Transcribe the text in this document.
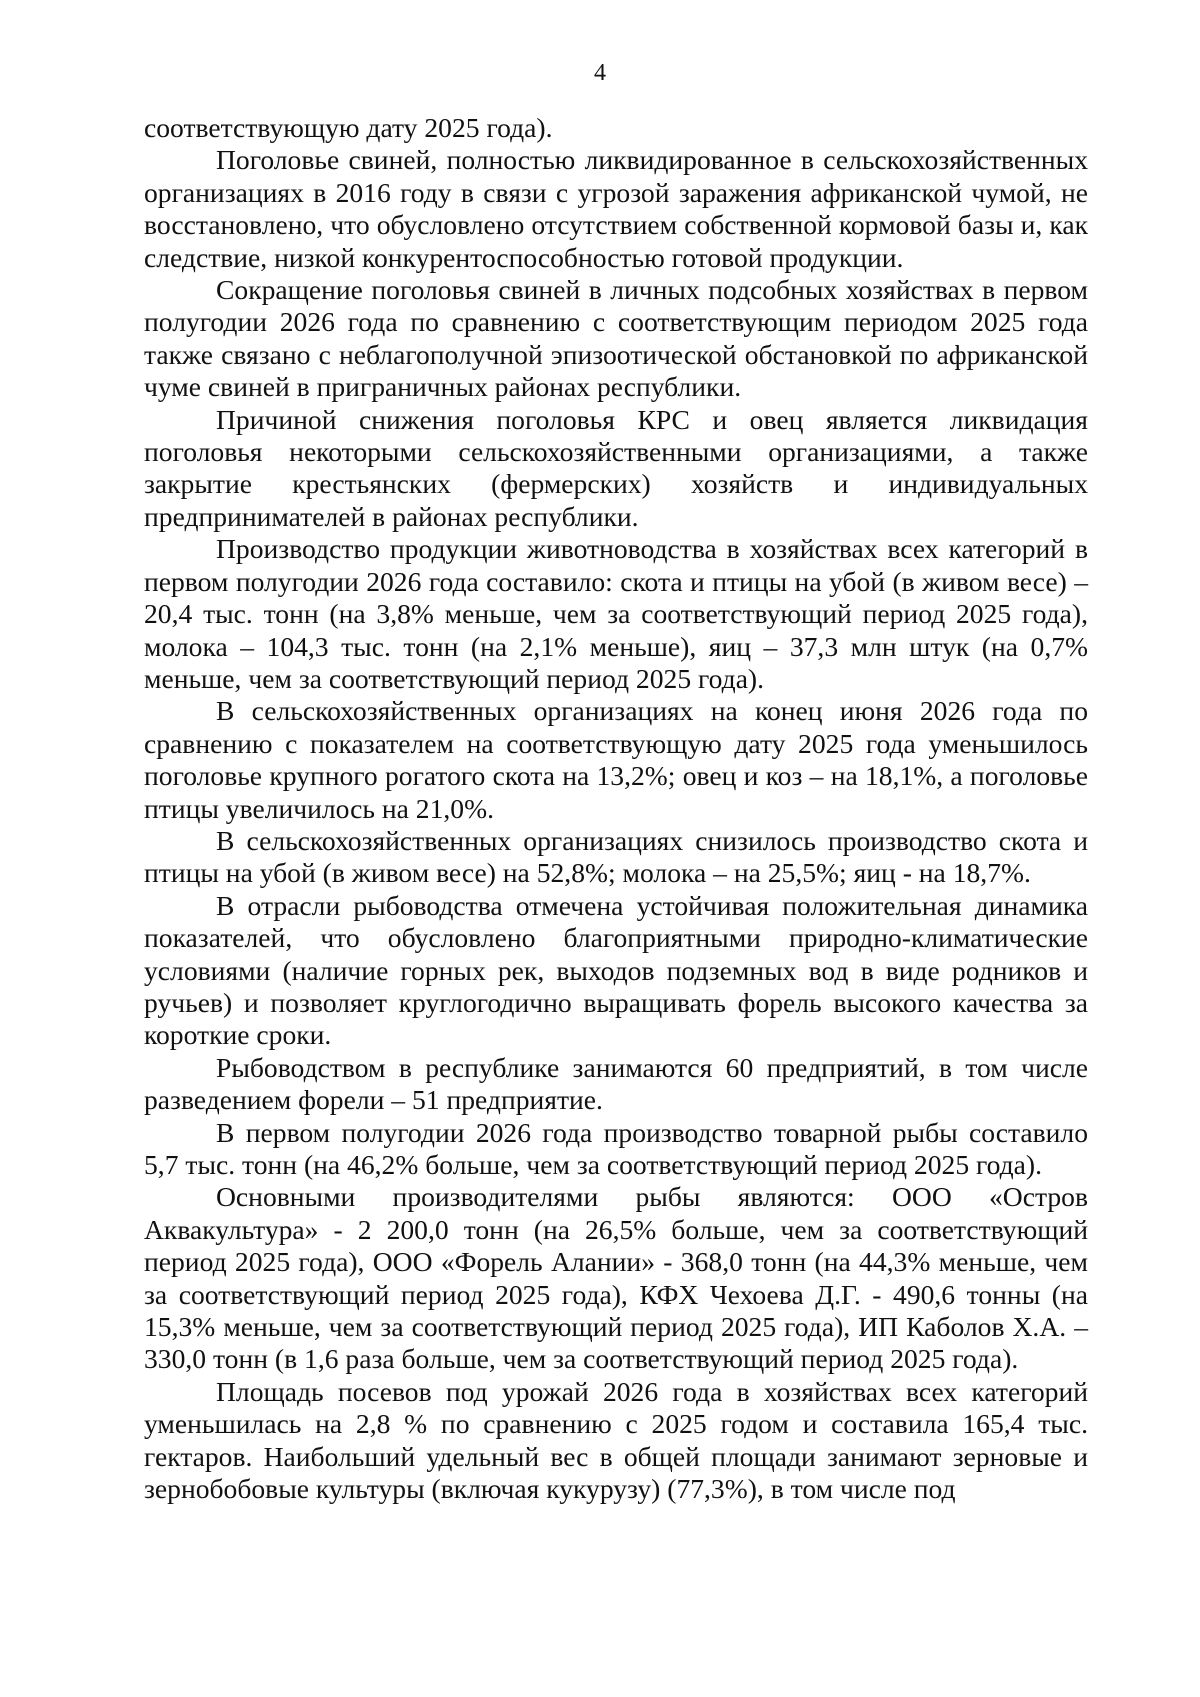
4

соответствующую дату 2025 года).

Поголовье свиней, полностью ликвидированное в сельскохозяйственных организациях в 2016 году в связи с угрозой заражения африканской чумой, не восстановлено, что обусловлено отсутствием собственной кормовой базы и, как следствие, низкой конкурентоспособностью готовой продукции.

Сокращение поголовья свиней в личных подсобных хозяйствах в первом полугодии 2026 года по сравнению с соответствующим периодом 2025 года также связано с неблагополучной эпизоотической обстановкой по африканской чуме свиней в приграничных районах республики.

Причиной снижения поголовья КРС и овец является ликвидация поголовья некоторыми сельскохозяйственными организациями, а также закрытие крестьянских (фермерских) хозяйств и индивидуальных предпринимателей в районах республики.

Производство продукции животноводства в хозяйствах всех категорий в первом полугодии 2026 года составило: скота и птицы на убой (в живом весе) – 20,4 тыс. тонн (на 3,8% меньше, чем за соответствующий период 2025 года), молока – 104,3 тыс. тонн (на 2,1% меньше), яиц – 37,3 млн штук (на 0,7% меньше, чем за соответствующий период 2025 года).

В сельскохозяйственных организациях на конец июня 2026 года по сравнению с показателем на соответствующую дату 2025 года уменьшилось поголовье крупного рогатого скота на 13,2%; овец и коз – на 18,1%, а поголовье птицы увеличилось на 21,0%.

В сельскохозяйственных организациях снизилось производство скота и птицы на убой (в живом весе) на 52,8%; молока – на 25,5%; яиц - на 18,7%.

В отрасли рыбоводства отмечена устойчивая положительная динамика показателей, что обусловлено благоприятными природно-климатические условиями (наличие горных рек, выходов подземных вод в виде родников и ручьев) и позволяет круглогодично выращивать форель высокого качества за короткие сроки.

Рыбоводством в республике занимаются 60 предприятий, в том числе разведением форели – 51 предприятие.

В первом полугодии 2026 года производство товарной рыбы составило 5,7 тыс. тонн (на 46,2% больше, чем за соответствующий период 2025 года).

Основными производителями рыбы являются: ООО «Остров Аквакультура» - 2 200,0 тонн (на 26,5% больше, чем за соответствующий период 2025 года), ООО «Форель Алании» - 368,0 тонн (на 44,3% меньше, чем за соответствующий период 2025 года), КФХ Чехоева Д.Г. - 490,6 тонны (на 15,3% меньше, чем за соответствующий период 2025 года), ИП Каболов Х.А. – 330,0 тонн (в 1,6 раза больше, чем за соответствующий период 2025 года).

Площадь посевов под урожай 2026 года в хозяйствах всех категорий уменьшилась на 2,8 % по сравнению с 2025 годом и составила 165,4 тыс. гектаров. Наибольший удельный вес в общей площади занимают зерновые и зернобобовые культуры (включая кукурузу) (77,3%), в том числе под
